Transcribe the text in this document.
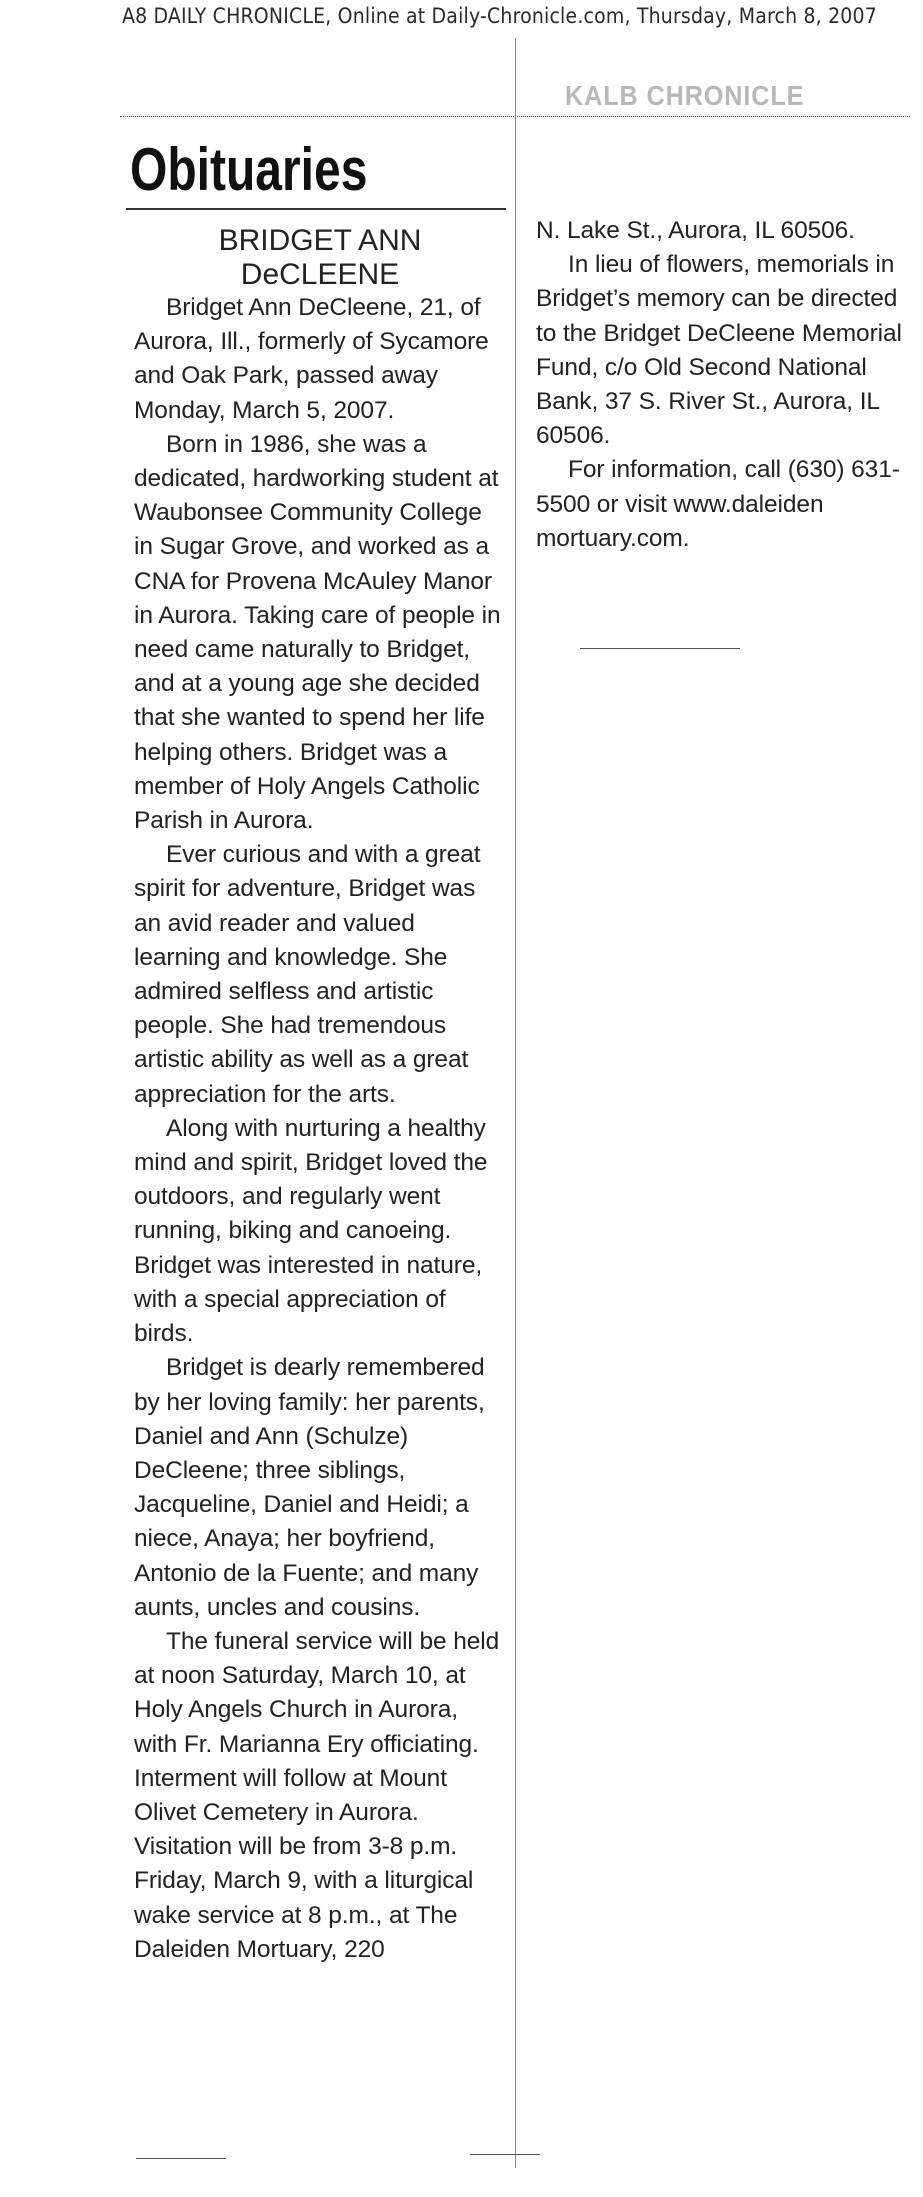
A8 DAILY CHRONICLE, Online at Daily-Chronicle.com, Thursday, March 8, 2007
KALB CHRONICLE
Obituaries
BRIDGET ANN
DeCLEENE

Bridget Ann DeCleene, 21, of Aurora, Ill., formerly of Sycamore and Oak Park, passed away Monday, March 5, 2007.

Born in 1986, she was a dedicated, hardworking student at Waubonsee Community College in Sugar Grove, and worked as a CNA for Provena McAuley Manor in Aurora. Taking care of people in need came naturally to Bridget, and at a young age she decided that she wanted to spend her life helping others. Bridget was a member of Holy Angels Catholic Parish in Aurora.

Ever curious and with a great spirit for adventure, Bridget was an avid reader and valued learning and knowledge. She admired selfless and artistic people. She had tremendous artistic ability as well as a great appreciation for the arts.

Along with nurturing a healthy mind and spirit, Bridget loved the outdoors, and regularly went running, biking and canoeing. Bridget was interested in nature, with a special appreciation of birds.

Bridget is dearly remembered by her loving family: her parents, Daniel and Ann (Schulze) DeCleene; three siblings, Jacqueline, Daniel and Heidi; a niece, Anaya; her boyfriend, Antonio de la Fuente; and many aunts, uncles and cousins.

The funeral service will be held at noon Saturday, March 10, at Holy Angels Church in Aurora, with Fr. Marianna Ery officiating. Interment will follow at Mount Olivet Cemetery in Aurora. Visitation will be from 3-8 p.m. Friday, March 9, with a liturgical wake service at 8 p.m., at The Daleiden Mortuary, 220

N. Lake St., Aurora, IL 60506.

In lieu of flowers, memorials in Bridget’s memory can be directed to the Bridget DeCleene Memorial Fund, c/o Old Second National Bank, 37 S. River St., Aurora, IL 60506.

For information, call (630) 631-5500 or visit www.daleiden mortuary.com.
